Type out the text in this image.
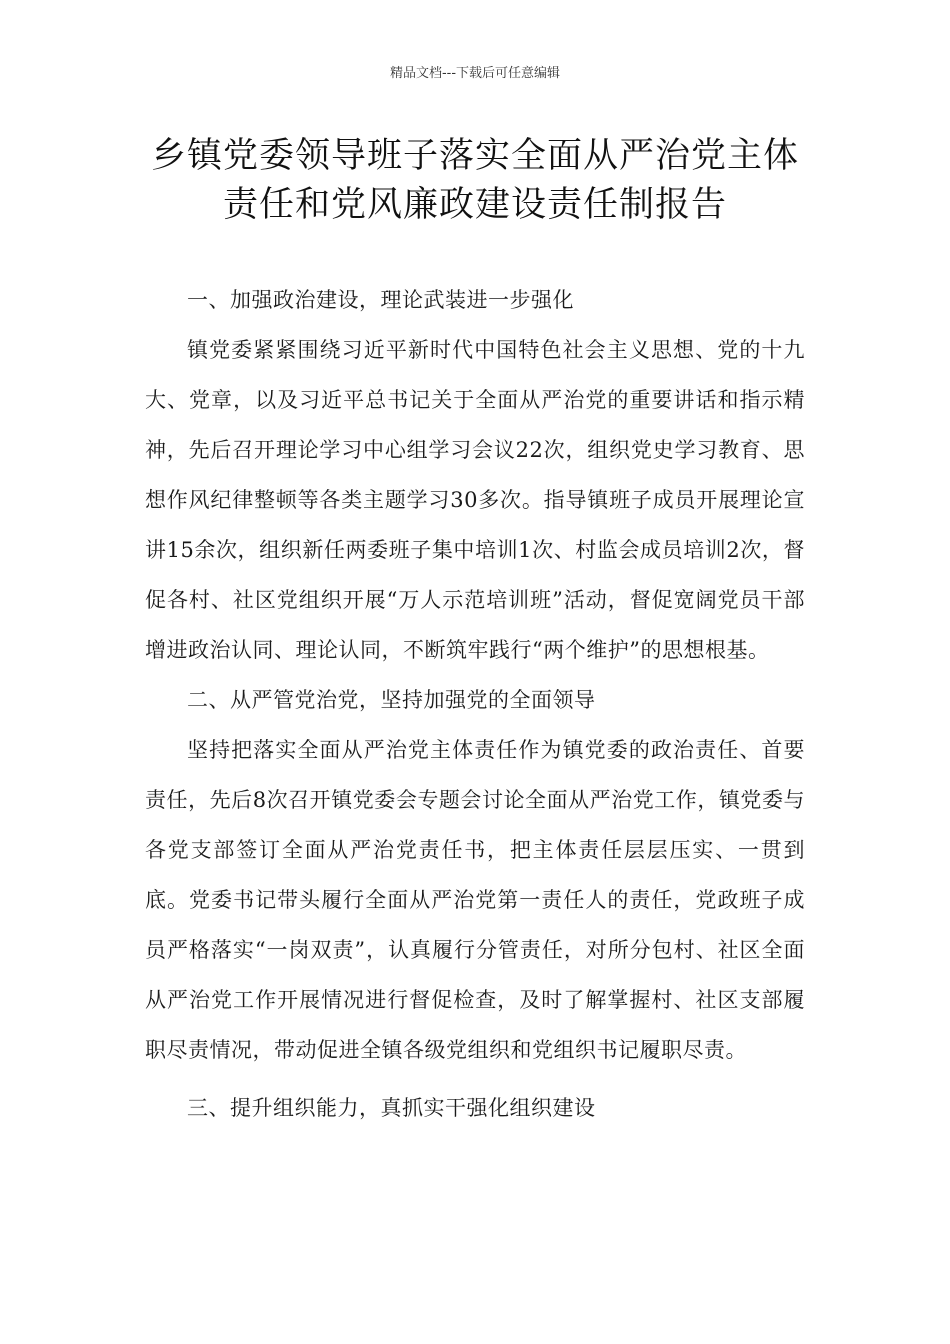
精品文档---下载后可任意编辑
乡镇党委领导班子落实全面从严治党主体责任和党风廉政建设责任制报告

一、加强政治建设，理论武装进一步强化

镇党委紧紧围绕习近平新时代中国特色社会主义思想、党的十九大、党章，以及习近平总书记关于全面从严治党的重要讲话和指示精神，先后召开理论学习中心组学习会议22次，组织党史学习教育、思想作风纪律整顿等各类主题学习30多次。指导镇班子成员开展理论宣讲15余次，组织新任两委班子集中培训1次、村监会成员培训2次，督促各村、社区党组织开展“万人示范培训班”活动，督促宽阔党员干部增进政治认同、理论认同，不断筑牢践行“两个维护”的思想根基。

二、从严管党治党，坚持加强党的全面领导

坚持把落实全面从严治党主体责任作为镇党委的政治责任、首要责任，先后8次召开镇党委会专题会讨论全面从严治党工作，镇党委与各党支部签订全面从严治党责任书，把主体责任层层压实、一贯到底。党委书记带头履行全面从严治党第一责任人的责任，党政班子成员严格落实“一岗双责”，认真履行分管责任，对所分包村、社区全面从严治党工作开展情况进行督促检查，及时了解掌握村、社区支部履职尽责情况，带动促进全镇各级党组织和党组织书记履职尽责。

三、提升组织能力，真抓实干强化组织建设
